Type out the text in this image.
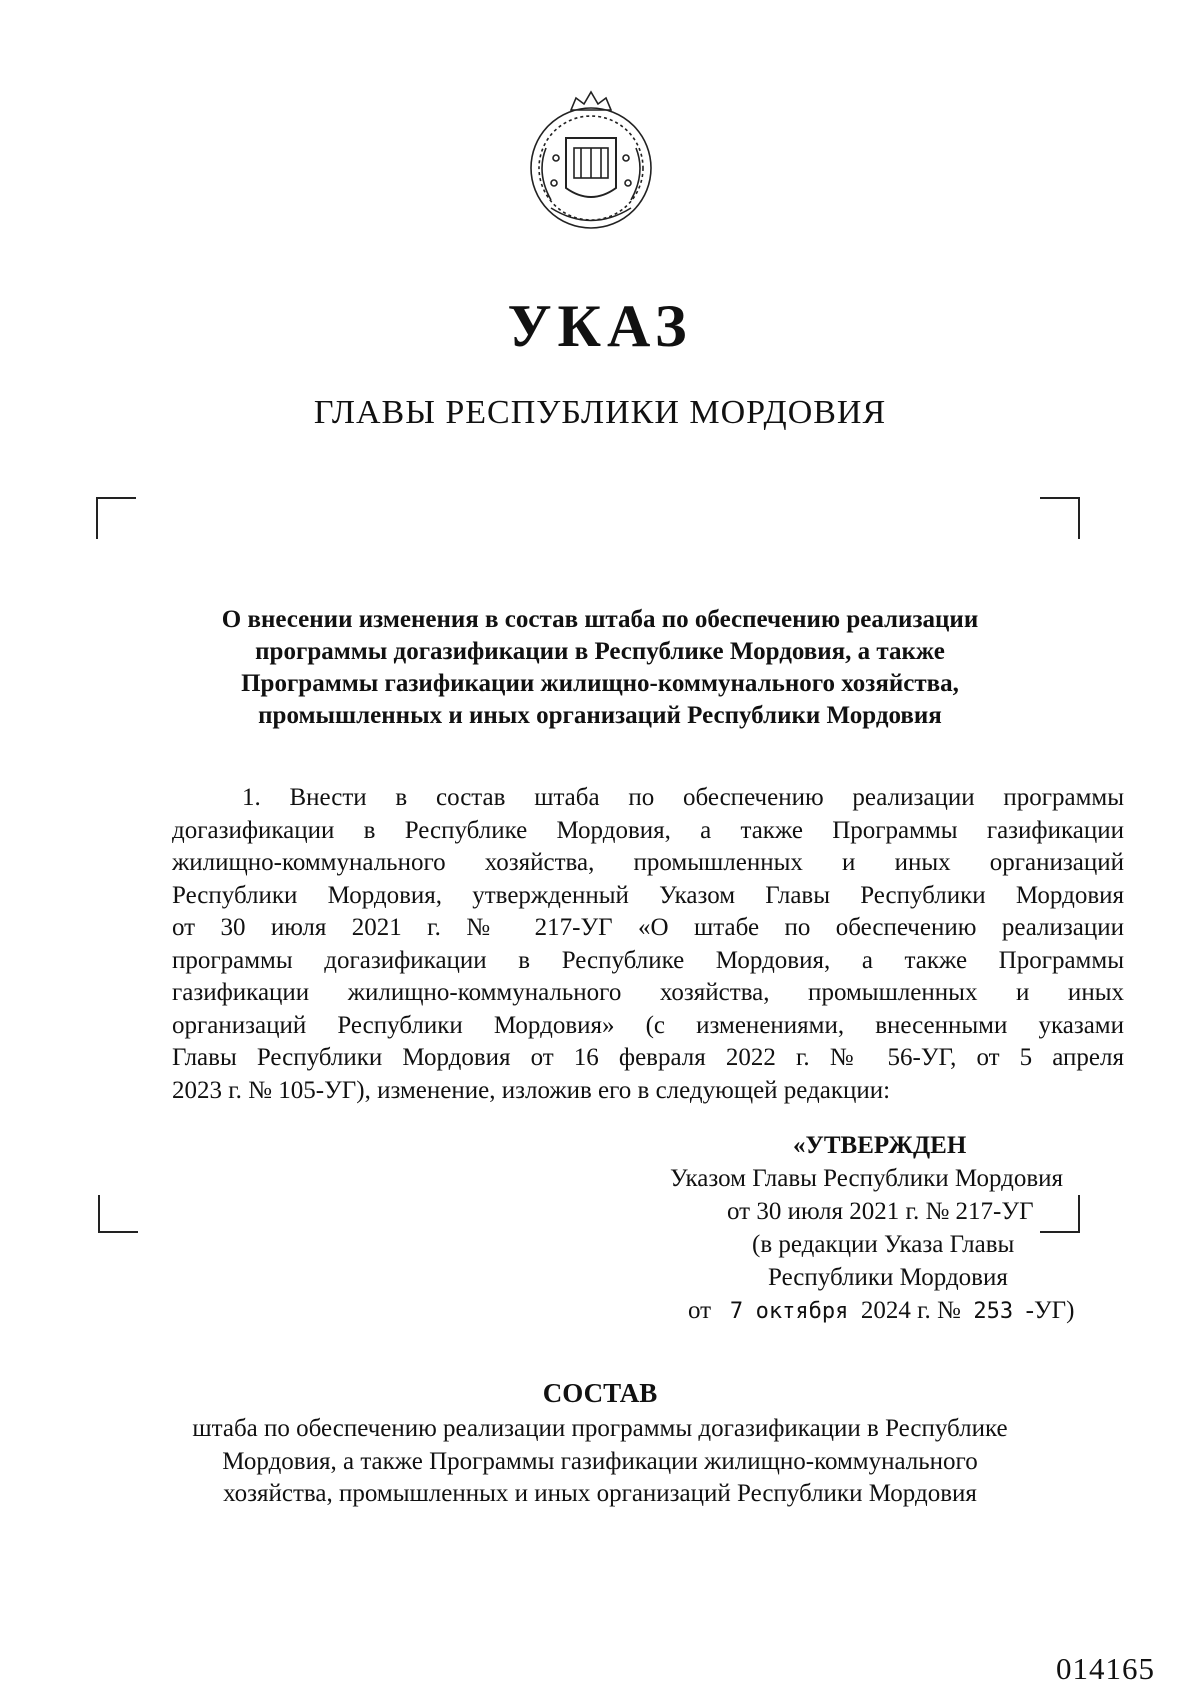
УКАЗ
ГЛАВЫ РЕСПУБЛИКИ МОРДОВИЯ
О внесении изменения в состав штаба по обеспечению реализации
программы догазификации в Республике Мордовия, а также
Программы газификации жилищно-коммунального хозяйства,
промышленных и иных организаций Республики Мордовия
1. Внести в состав штаба по обеспечению реализации программы
догазификации в Республике Мордовия, а также Программы газификации
жилищно-коммунального хозяйства, промышленных и иных организаций
Республики Мордовия, утвержденный Указом Главы Республики Мордовия
от 30 июля 2021 г. № 217-УГ «О штабе по обеспечению реализации
программы догазификации в Республике Мордовия, а также Программы
газификации жилищно-коммунального хозяйства, промышленных и иных
организаций Республики Мордовия» (с изменениями, внесенными указами
Главы Республики Мордовия от 16 февраля 2022 г. № 56-УГ, от 5 апреля
2023 г. № 105-УГ), изменение, изложив его в следующей редакции:
«УТВЕРЖДЕН
Указом Главы Республики Мордовия
от 30 июля 2021 г. № 217-УГ
(в редакции Указа Главы
Республики Мордовия
от 7 октября 2024 г. № 253 -УГ)
СОСТАВ
штаба по обеспечению реализации программы догазификации в Республике
Мордовия, а также Программы газификации жилищно-коммунального
хозяйства, промышленных и иных организаций Республики Мордовия
014165
